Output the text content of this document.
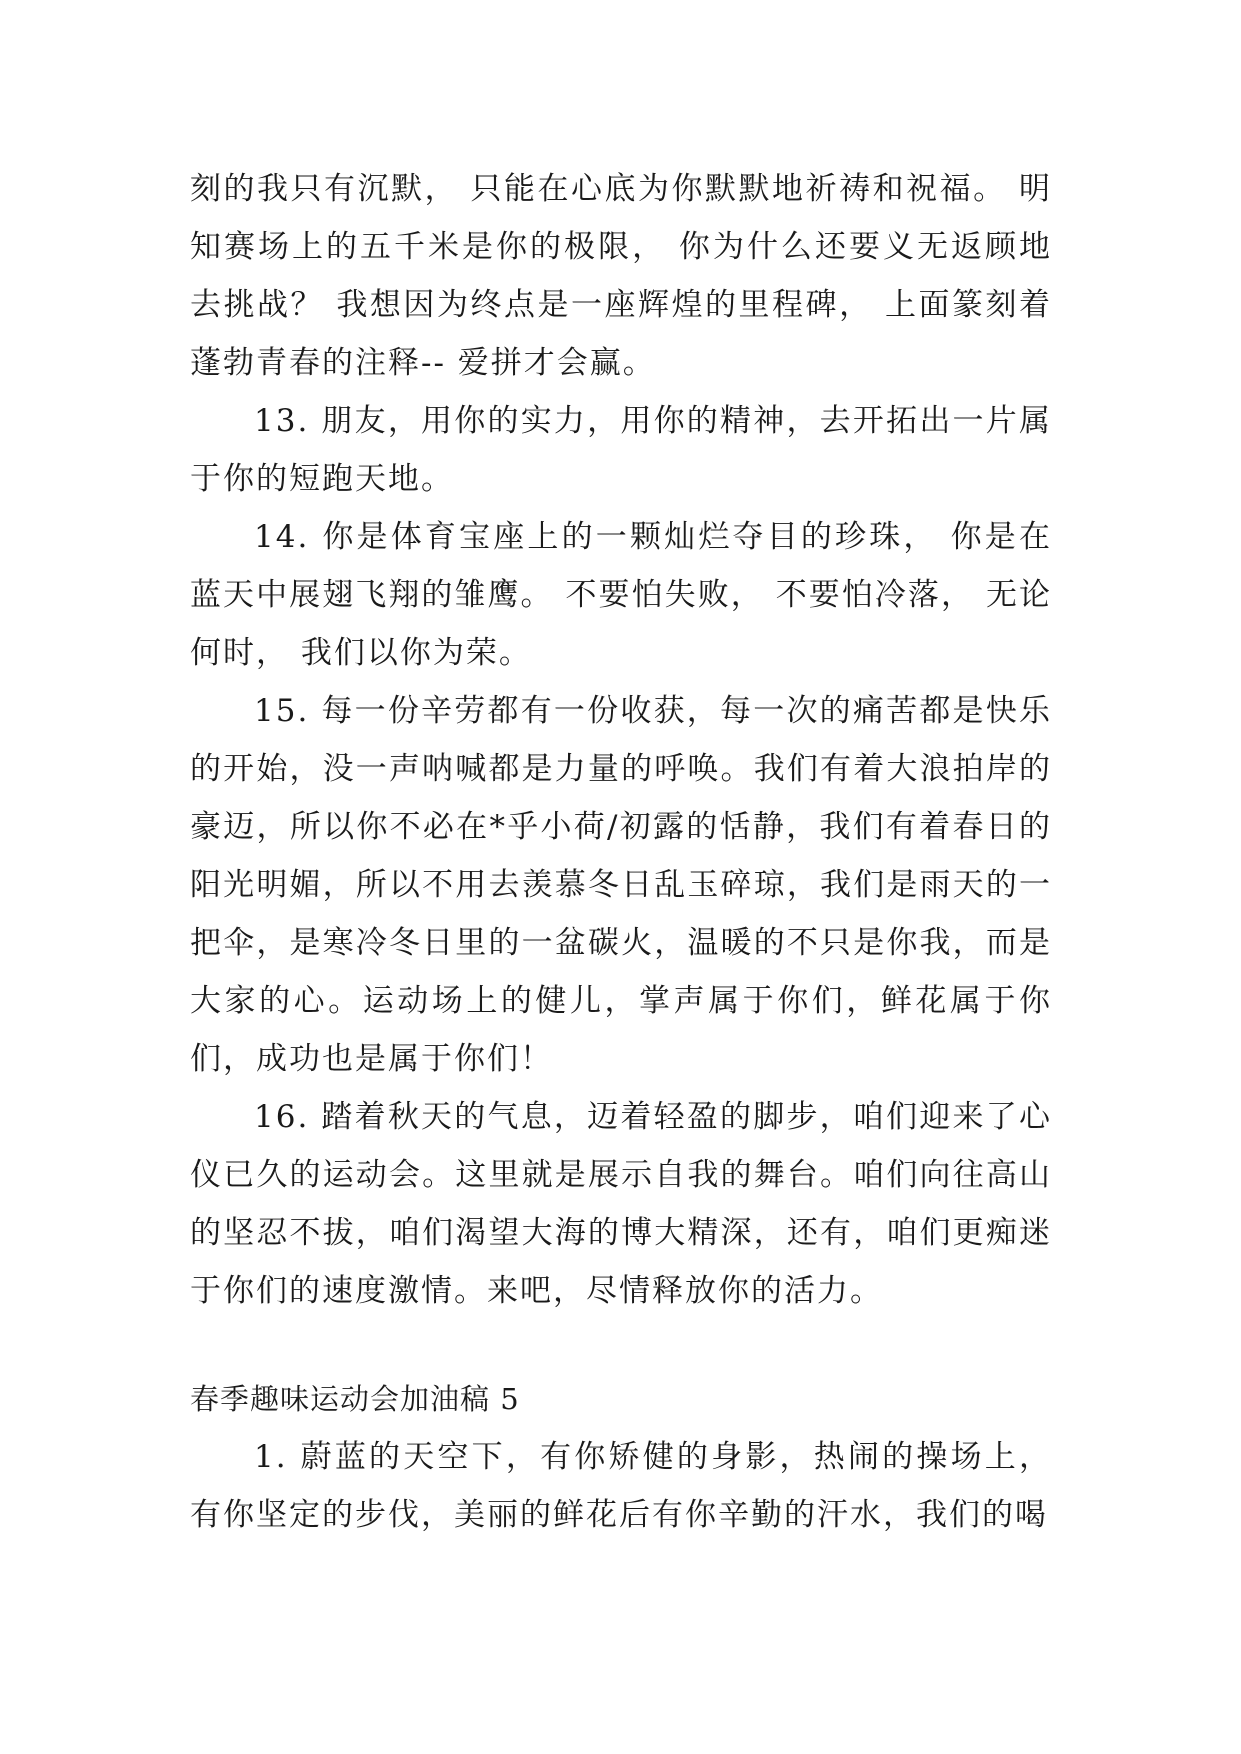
刻的我只有沉默， 只能在心底为你默默地祈祷和祝福。 明知赛场上的五千米是你的极限， 你为什么还要义无返顾地去挑战？ 我想因为终点是一座辉煌的里程碑， 上面篆刻着蓬勃青春的注释-- 爱拼才会赢。

13. 朋友，用你的实力，用你的精神，去开拓出一片属于你的短跑天地。

14. 你是体育宝座上的一颗灿烂夺目的珍珠， 你是在蓝天中展翅飞翔的雏鹰。 不要怕失败， 不要怕冷落， 无论何时， 我们以你为荣。

15. 每一份辛劳都有一份收获，每一次的痛苦都是快乐的开始，没一声呐喊都是力量的呼唤。我们有着大浪拍岸的豪迈，所以你不必在*乎小荷/初露的恬静，我们有着春日的阳光明媚，所以不用去羡慕冬日乱玉碎琼，我们是雨天的一把伞，是寒冷冬日里的一盆碳火，温暖的不只是你我，而是大家的心。运动场上的健儿，掌声属于你们，鲜花属于你们，成功也是属于你们！

16. 踏着秋天的气息，迈着轻盈的脚步，咱们迎来了心仪已久的运动会。这里就是展示自我的舞台。咱们向往高山的坚忍不拔，咱们渴望大海的博大精深，还有，咱们更痴迷于你们的速度激情。来吧，尽情释放你的活力。

春季趣味运动会加油稿 5

1. 蔚蓝的天空下，有你矫健的身影，热闹的操场上，有你坚定的步伐，美丽的鲜花后有你辛勤的汗水，我们的喝
